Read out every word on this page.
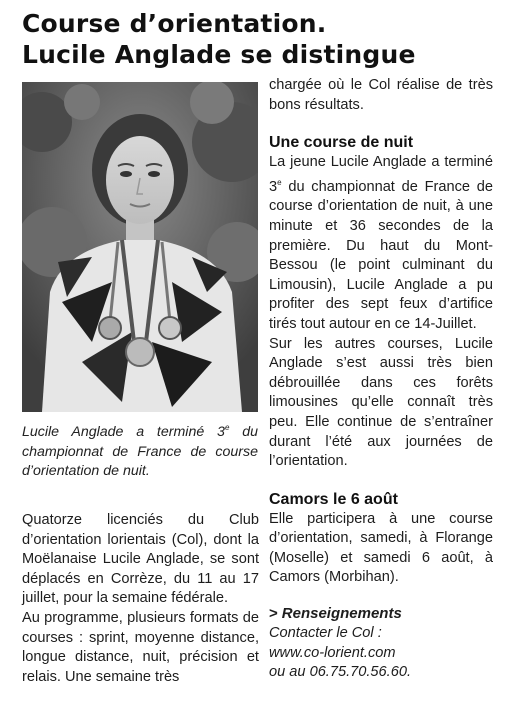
Course d’orientation.
Lucile Anglade se distingue
Lucile Anglade a terminé 3e du championnat de France de course d’orientation de nuit.

Quatorze licenciés du Club d’orientation lorientais (Col), dont la Moëlanaise Lucile Anglade, se sont déplacés en Corrèze, du 11 au 17 juillet, pour la semaine fédérale.

Au programme, plusieurs formats de courses : sprint, moyenne distance, longue distance, nuit, précision et relais. Une semaine très

chargée où le Col réalise de très bons résultats.

Une course de nuit

La jeune Lucile Anglade a terminé 3e du championnat de France de course d’orientation de nuit, à une minute et 36 secondes de la première. Du haut du Mont-Bessou (le point culminant du Limousin), Lucile Anglade a pu profiter des sept feux d’artifice tirés tout autour en ce 14-Juillet.

Sur les autres courses, Lucile Anglade s’est aussi très bien débrouillée dans ces forêts limousines qu’elle connaît très peu. Elle continue de s’entraîner durant l’été aux journées de l’orientation.

Camors le 6 août

Elle participera à une course d’orientation, samedi, à Florange (Moselle) et samedi 6 août, à Camors (Morbihan).

> Renseignements
Contacter le Col :
www.co-lorient.com
ou au 06.75.70.56.60.
